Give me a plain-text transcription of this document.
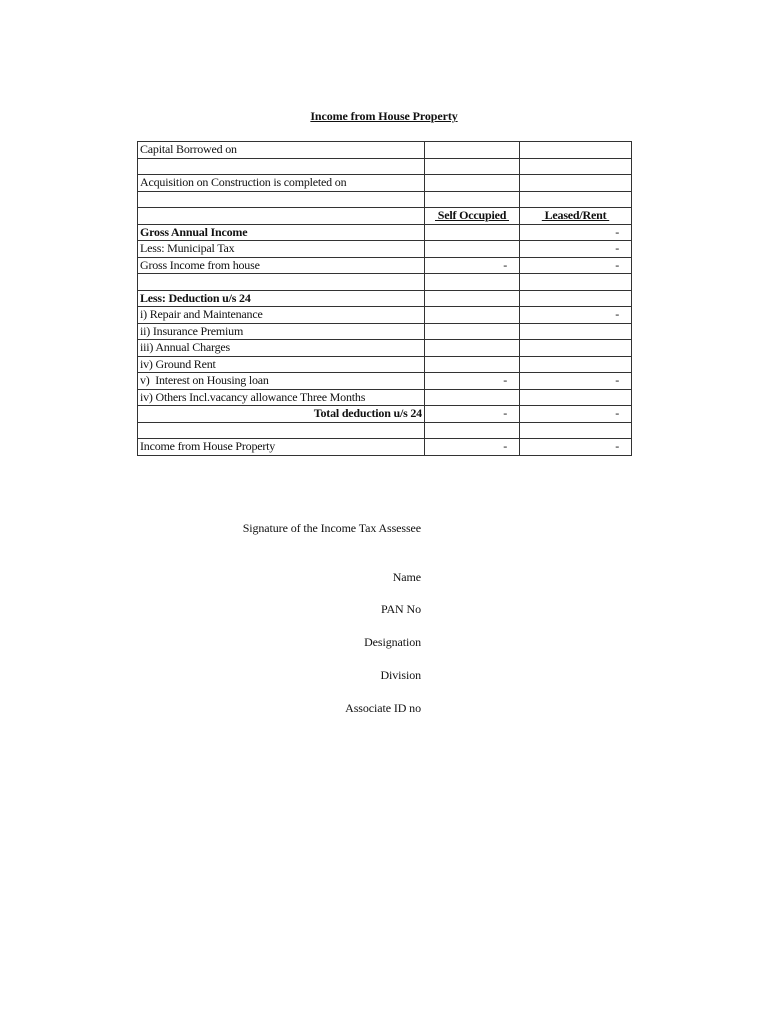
Income from House Property
Capital Borrowed on		

Acquisition on Construction is completed on		

	Self Occupied	Leased/Rent
Gross Annual Income		-
Less: Municipal Tax		-
Gross Income from house	-	-

Less: Deduction u/s 24		
i) Repair and Maintenance		-
ii) Insurance Premium		
iii) Annual Charges		
iv) Ground Rent		
v)  Interest on Housing loan	-	-
iv) Others Incl.vacancy allowance Three Months		
Total deduction u/s 24	-	-

Income from House Property	-	-
Signature of the Income Tax Assessee
Name
PAN No
Designation
Division
Associate ID no
